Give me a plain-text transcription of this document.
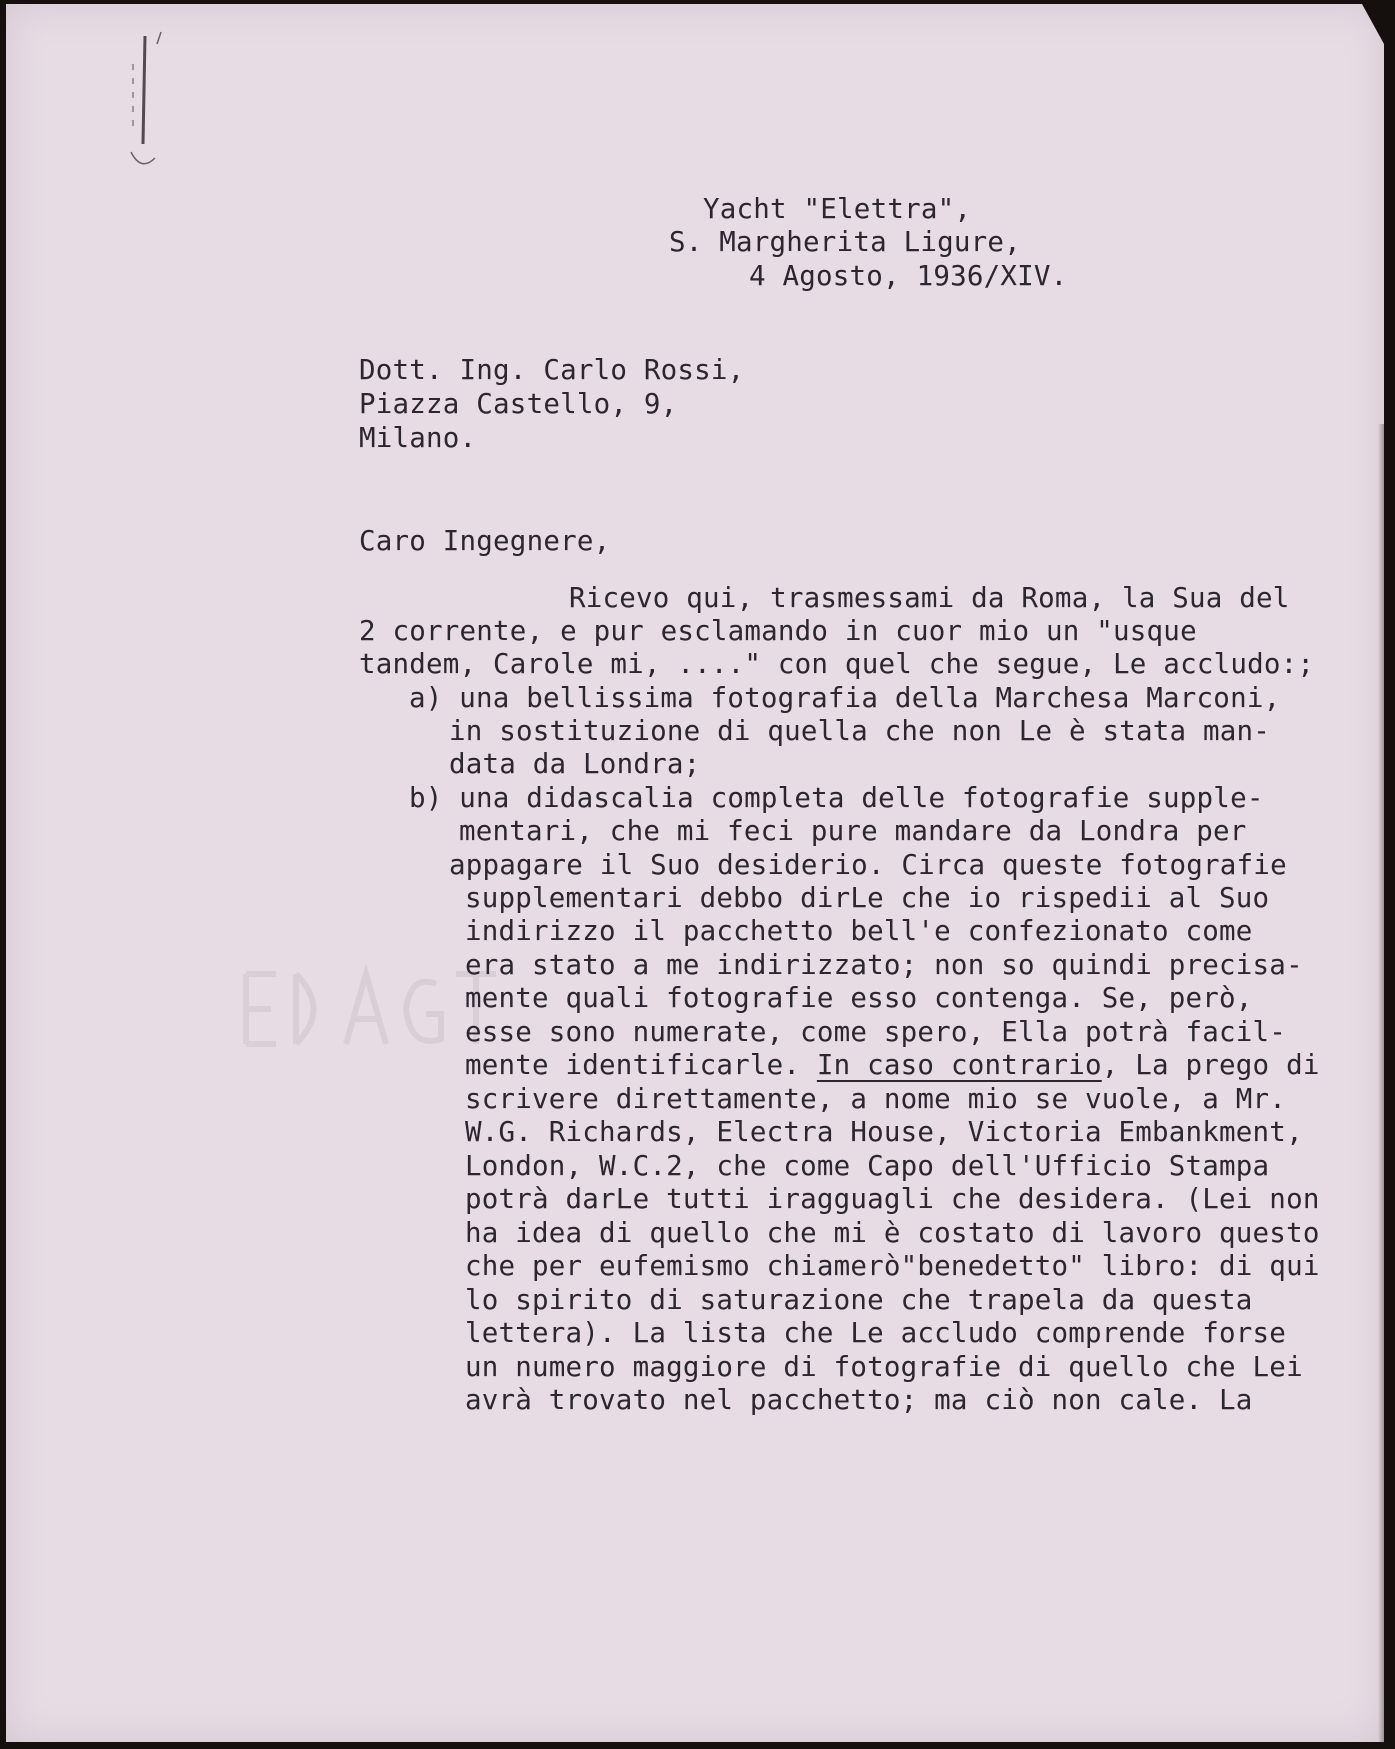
Yacht "Elettra",
S. Margherita Ligure,
4 Agosto, 1936/XIV.
Dott. Ing. Carlo Rossi,
Piazza Castello, 9,
Milano.
Caro Ingegnere,
Ricevo qui, trasmessami da Roma, la Sua del
2 corrente, e pur esclamando in cuor mio un "usque
tandem, Carole mi, ...." con quel che segue, Le accludo:;
a) una bellissima fotografia della Marchesa Marconi,
in sostituzione di quella che non Le è stata man-
data da Londra;
b) una didascalia completa delle fotografie supple-
mentari, che mi feci pure mandare da Londra per
appagare il Suo desiderio. Circa queste fotografie
supplementari debbo dirLe che io rispedii al Suo
indirizzo il pacchetto bell'e confezionato come
era stato a me indirizzato; non so quindi precisa-
mente quali fotografie esso contenga. Se, però,
esse sono numerate, come spero, Ella potrà facil-
mente identificarle. In caso contrario, La prego di
scrivere direttamente, a nome mio se vuole, a Mr.
W.G. Richards, Electra House, Victoria Embankment,
London, W.C.2, che come Capo dell'Ufficio Stampa
potrà darLe tutti iragguagli che desidera. (Lei non
ha idea di quello che mi è costato di lavoro questo
che per eufemismo chiamerò"benedetto" libro: di qui
lo spirito di saturazione che trapela da questa
lettera). La lista che Le accludo comprende forse
un numero maggiore di fotografie di quello che Lei
avrà trovato nel pacchetto; ma ciò non cale. La
